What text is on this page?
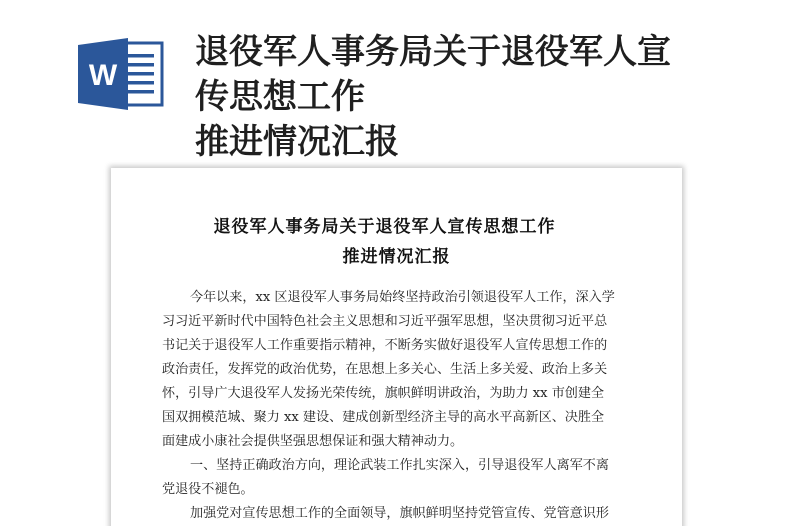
W
退役军人事务局关于退役军人宣
传思想工作
推进情况汇报
退役军人事务局关于退役军人宣传思想工作
推进情况汇报
今年以来，xx 区退役军人事务局始终坚持政治引领退役军人工作，深入学
习习近平新时代中国特色社会主义思想和习近平强军思想，坚决贯彻习近平总
书记关于退役军人工作重要指示精神，不断务实做好退役军人宣传思想工作的
政治责任，发挥党的政治优势，在思想上多关心、生活上多关爱、政治上多关
怀，引导广大退役军人发扬光荣传统，旗帜鲜明讲政治，为助力 xx 市创建全
国双拥模范城、聚力 xx 建设、建成创新型经济主导的高水平高新区、决胜全
面建成小康社会提供坚强思想保证和强大精神动力。
一、坚持正确政治方向，理论武装工作扎实深入，引导退役军人离军不离
党退役不褪色。
加强党对宣传思想工作的全面领导，旗帜鲜明坚持党管宣传、党管意识形
